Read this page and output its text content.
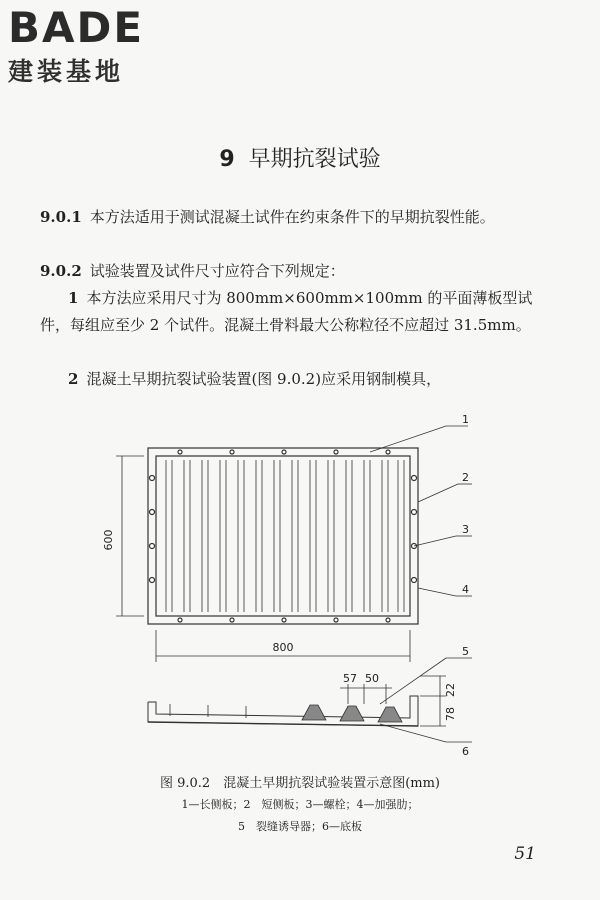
BADE
建装基地
9 早期抗裂试验
9.0.1 本方法适用于测试混凝土试件在约束条件下的早期抗裂性能。
9.0.2 试验装置及试件尺寸应符合下列规定：
1 本方法应采用尺寸为 800mm×600mm×100mm 的平面薄板型试件，每组应至少 2 个试件。混凝土骨料最大公称粒径不应超过 31.5mm。
2 混凝土早期抗裂试验装置(图 9.0.2)应采用钢制模具，
800
600
57 50
22
78
1
2
3
4
5
6
图 9.0.2　混凝土早期抗裂试验装置示意图(mm)
1—长侧板；2　短侧板；3—螺栓；4—加强肋；
5　裂缝诱导器；6—底板
51
